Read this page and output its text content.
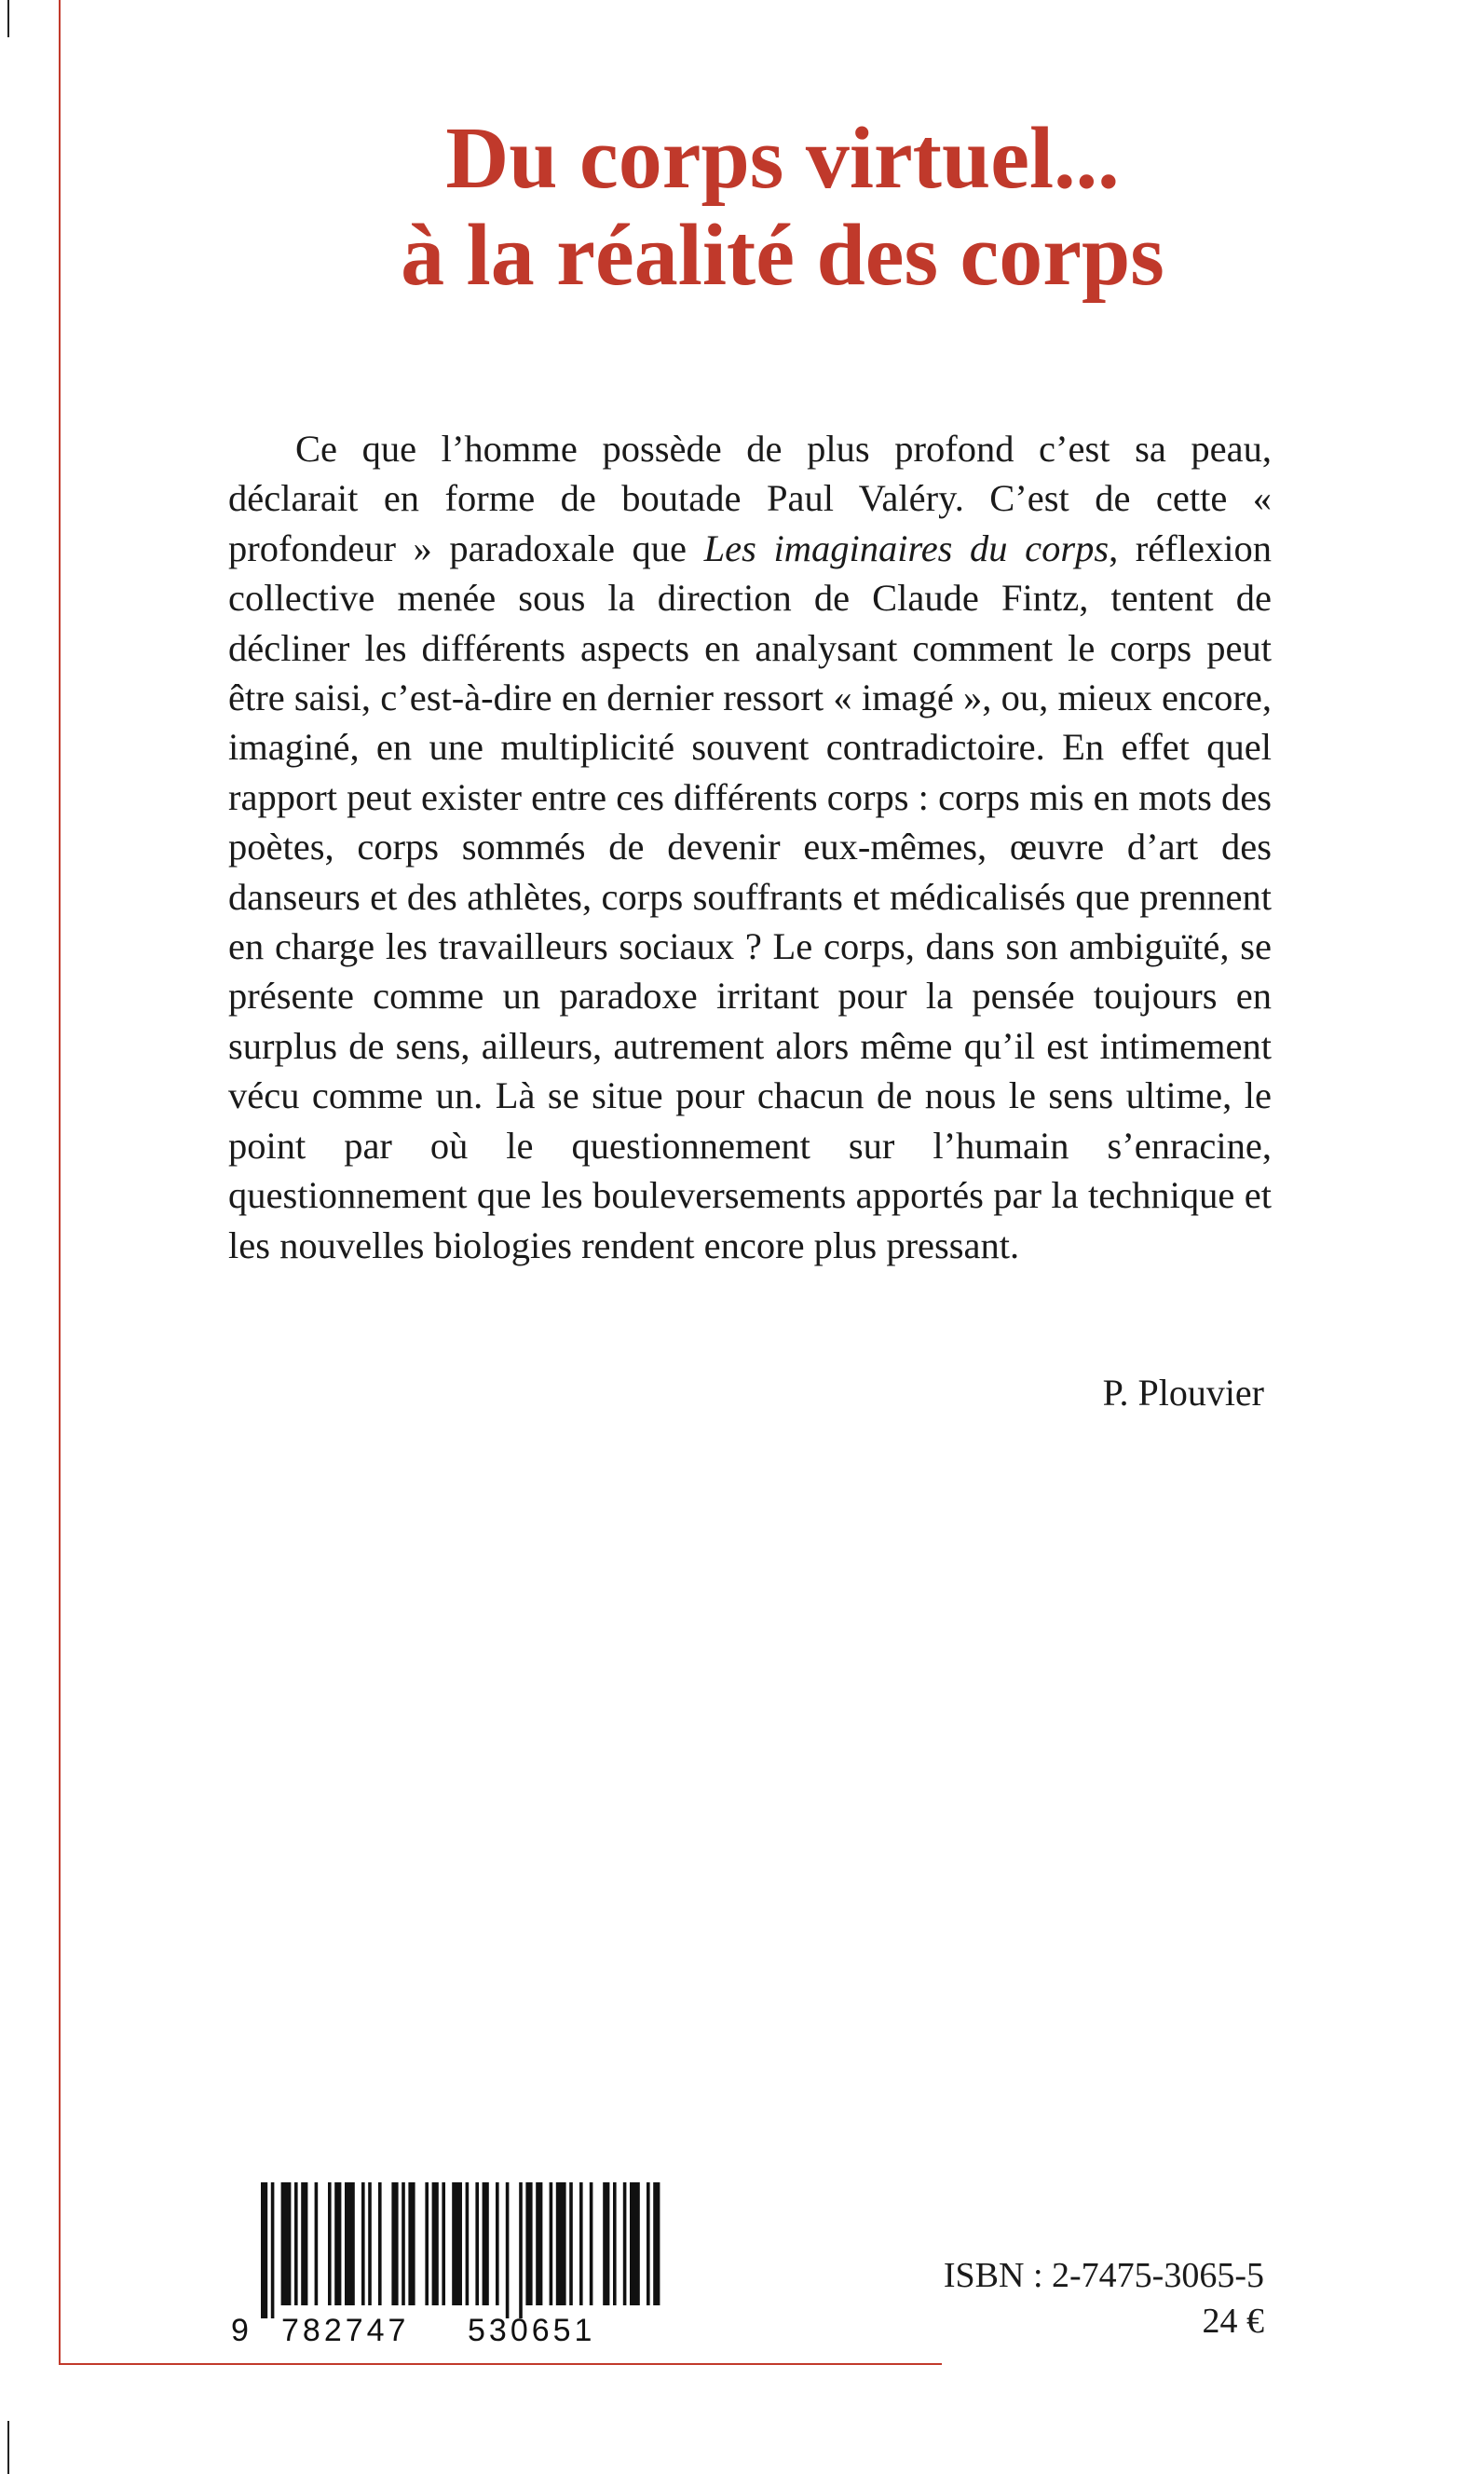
Du corps virtuel...
à la réalité des corps

Ce que l’homme possède de plus profond c’est sa peau, déclarait en forme de boutade Paul Valéry. C’est de cette « profondeur » paradoxale que Les imaginaires du corps, réflexion collective menée sous la direction de Claude Fintz, tentent de décliner les différents aspects en analysant comment le corps peut être saisi, c’est-à-dire en dernier ressort « imagé », ou, mieux encore, imaginé, en une multiplicité souvent contradictoire. En effet quel rapport peut exister entre ces différents corps : corps mis en mots des poètes, corps sommés de devenir eux-mêmes, œuvre d’art des danseurs et des athlètes, corps souffrants et médicalisés que prennent en charge les travailleurs sociaux ? Le corps, dans son ambiguïté, se présente comme un paradoxe irritant pour la pensée toujours en surplus de sens, ailleurs, autrement alors même qu’il est intimement vécu comme un. Là se situe pour chacun de nous le sens ultime, le point par où le questionnement sur l’humain s’enracine, questionnement que les bouleversements apportés par la technique et les nouvelles biologies rendent encore plus pressant.

P. Plouvier
9 782747 530651
ISBN : 2-7475-3065-5
24 €
